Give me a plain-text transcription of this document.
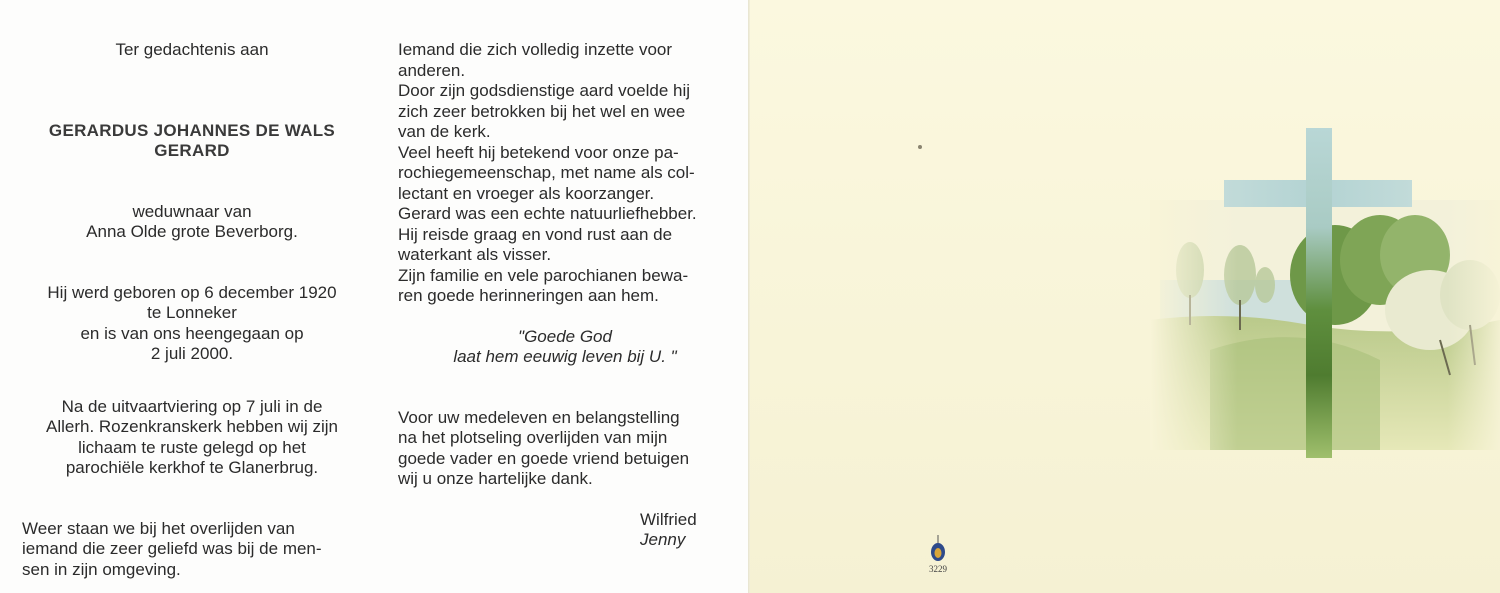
Ter gedachtenis aan
GERARDUS JOHANNES DE WALS
GERARD
weduwnaar van
Anna Olde grote Beverborg.
Hij werd geboren op 6 december 1920
te Lonneker
en is van ons heengegaan op
2 juli 2000.
Na de uitvaartviering op 7 juli in de
Allerh. Rozenkranskerk hebben wij zijn
lichaam te ruste gelegd op het
parochiële kerkhof te Glanerbrug.
Weer staan we bij het overlijden van
iemand die zeer geliefd was bij de men-
sen in zijn omgeving.
Iemand die zich volledig inzette voor
anderen.
Door zijn godsdienstige aard voelde hij
zich zeer betrokken bij het wel en wee
van de kerk.
Veel heeft hij betekend voor onze pa-
rochiegemeenschap, met name als col-
lectant en vroeger als koorzanger.
Gerard was een echte natuurliefhebber.
Hij reisde graag en vond rust aan de
waterkant als visser.
Zijn familie en vele parochianen bewa-
ren goede herinneringen aan hem.
"Goede God
laat hem eeuwig leven bij U. "
Voor uw medeleven en belangstelling
na het plotseling overlijden van mijn
goede vader en goede vriend betuigen
wij u onze hartelijke dank.
Wilfried
Jenny
3229
